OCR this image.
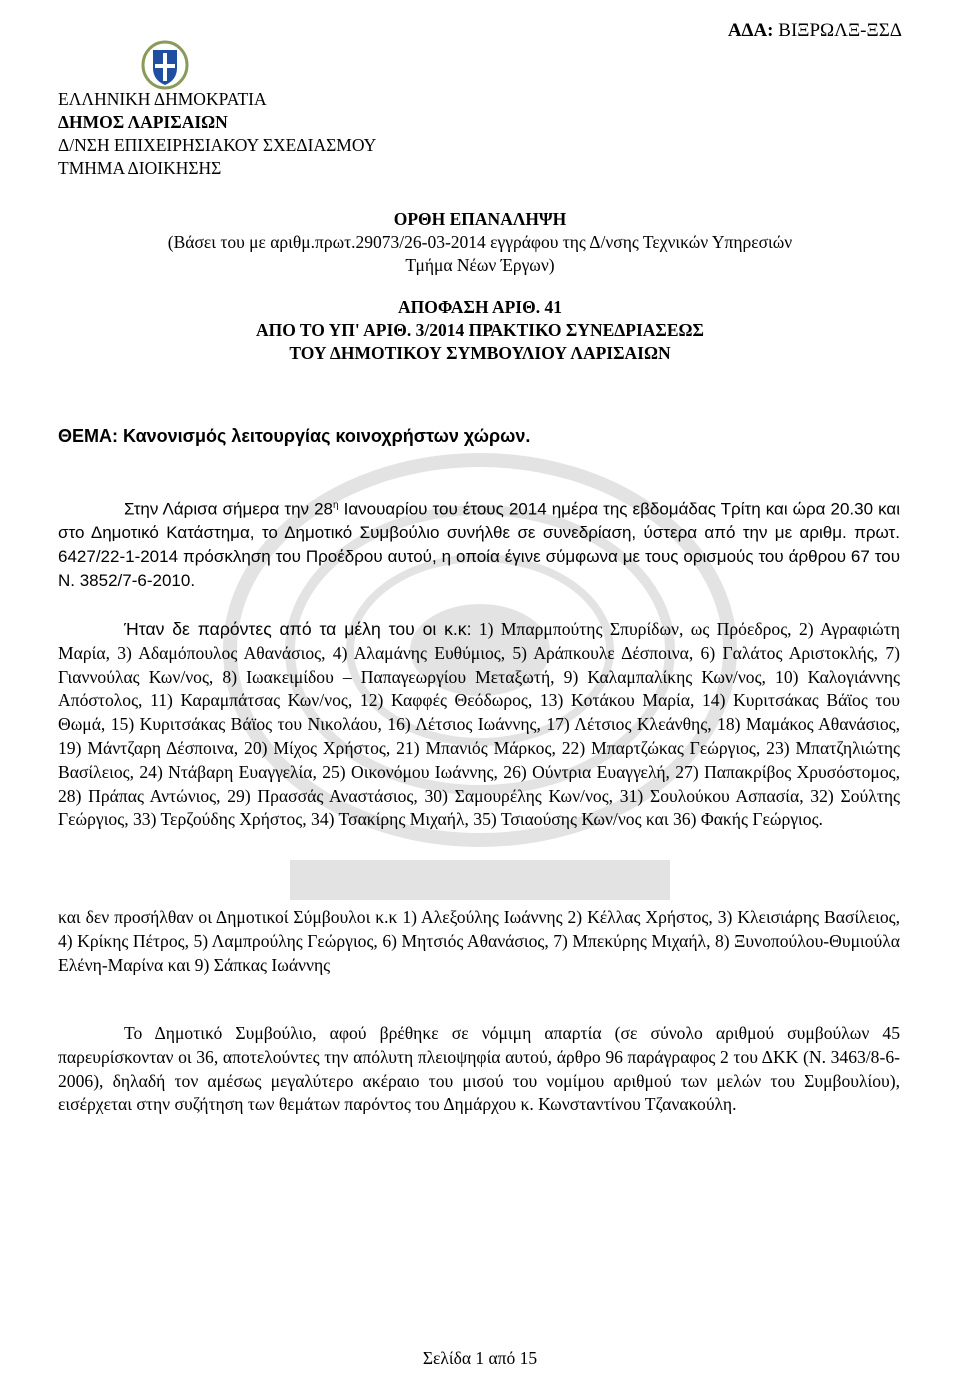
ΑΔΑ: ΒΙΞΡΩΛΞ-ΞΣΔ
ΕΛΛΗΝΙΚΗ ΔΗΜΟΚΡΑΤΙΑ
ΔΗΜΟΣ ΛΑΡΙΣΑΙΩΝ
Δ/ΝΣΗ ΕΠΙΧΕΙΡΗΣΙΑΚΟΥ ΣΧΕΔΙΑΣΜΟΥ
ΤΜΗΜΑ ΔΙΟΙΚΗΣΗΣ
ΟΡΘΗ ΕΠΑΝΑΛΗΨΗ
(Βάσει του με αριθμ.πρωτ.29073/26-03-2014 εγγράφου της Δ/νσης Τεχνικών Υπηρεσιών
Τμήμα Νέων Έργων)
ΑΠΟΦΑΣΗ ΑΡΙΘ. 41
ΑΠΟ ΤΟ ΥΠ' ΑΡΙΘ. 3/2014 ΠΡΑΚΤΙΚΟ ΣΥΝΕΔΡΙΑΣΕΩΣ
ΤΟΥ ΔΗΜΟΤΙΚΟΥ ΣΥΜΒΟΥΛΙΟΥ ΛΑΡΙΣΑΙΩΝ
ΘΕΜΑ: Κανονισμός λειτουργίας κοινοχρήστων χώρων.
Στην Λάρισα σήμερα την $28^\eta$ Ιανουαρίου του έτους 2014 ημέρα της εβδομάδας Τρίτη και ώρα 20.30 και στο Δημοτικό Κατάστημα, το Δημοτικό Συμβούλιο συνήλθε σε συνεδρίαση, ύστερα από την με αριθμ. πρωτ. 6427/22-1-2014 πρόσκληση του Προέδρου αυτού, η οποία έγινε σύμφωνα με τους ορισμούς του άρθρου 67 του Ν. 3852/7-6-2010.
Ήταν δε παρόντες από τα μέλη του οι κ.κ: 1) Μπαρμπούτης Σπυρίδων, ως Πρόεδρος, 2) Αγραφιώτη Μαρία, 3) Αδαμόπουλος Αθανάσιος, 4) Αλαμάνης Ευθύμιος, 5) Αράπκουλε Δέσποινα, 6) Γαλάτος Αριστοκλής, 7) Γιαννούλας Κων/νος, 8) Ιωακειμίδου – Παπαγεωργίου Μεταξωτή, 9) Καλαμπαλίκης Κων/νος, 10) Καλογιάννης Απόστολος, 11) Καραμπάτσας Κων/νος, 12) Καφφές Θεόδωρος, 13) Κοτάκου Μαρία, 14) Κυριτσάκας Βάϊος του Θωμά, 15) Κυριτσάκας Βάϊος του Νικολάου, 16) Λέτσιος Ιωάννης, 17) Λέτσιος Κλεάνθης, 18) Μαμάκος Αθανάσιος, 19) Μάντζαρη Δέσποινα, 20) Μίχος Χρήστος, 21) Μπανιός Μάρκος, 22) Μπαρτζώκας Γεώργιος, 23) Μπατζηλιώτης Βασίλειος, 24) Ντάβαρη Ευαγγελία, 25) Οικονόμου Ιωάννης, 26) Ούντρια Ευαγγελή, 27) Παπακρίβος Χρυσόστομος, 28) Πράπας Αντώνιος, 29) Πρασσάς Αναστάσιος, 30) Σαμουρέλης Κων/νος, 31) Σουλούκου Ασπασία, 32) Σούλτης Γεώργιος, 33) Τερζούδης Χρήστος, 34) Τσακίρης Μιχαήλ, 35) Τσιαούσης Κων/νος και 36) Φακής Γεώργιος.
και δεν προσήλθαν οι Δημοτικοί Σύμβουλοι κ.κ 1) Αλεξούλης Ιωάννης 2) Κέλλας Χρήστος, 3) Κλεισιάρης Βασίλειος, 4) Κρίκης Πέτρος, 5) Λαμπρούλης Γεώργιος, 6) Μητσιός Αθανάσιος, 7) Μπεκύρης Μιχαήλ, 8) Ξυνοπούλου-Θυμιούλα Ελένη-Μαρίνα και 9) Σάπκας Ιωάννης
Το Δημοτικό Συμβούλιο, αφού βρέθηκε σε νόμιμη απαρτία (σε σύνολο αριθμού συμβούλων 45 παρευρίσκονταν οι 36, αποτελούντες την απόλυτη πλειοψηφία αυτού, άρθρο 96 παράγραφος 2 του ΔΚΚ (Ν. 3463/8-6-2006), δηλαδή τον αμέσως μεγαλύτερο ακέραιο του μισού του νομίμου αριθμού των μελών του Συμβουλίου), εισέρχεται στην συζήτηση των θεμάτων παρόντος του Δημάρχου κ. Κωνσταντίνου Τζανακούλη.
Σελίδα 1 από 15
